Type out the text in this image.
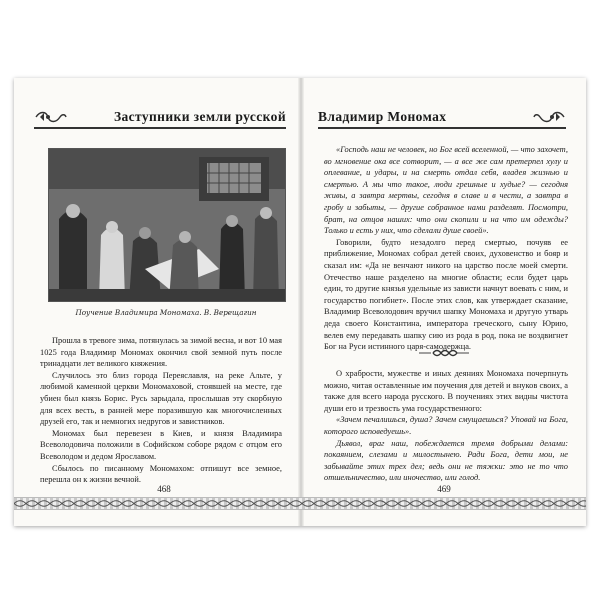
Заступники земли русской
Поучение Владимира Мономаха. В. Верещагин

Прошла в тревоге зима, потянулась за зимой весна, и вот 10 мая 1025 года Владимир Мономах окончил свой земной путь после тринадцати лет великого княжения.

Случилось это близ города Переяславля, на реке Альте, у любимой каменной церкви Мономаховой, стоявшей на месте, где убиен был князь Борис. Русь зарыдала, прослышав эту скорбную для всех весть, в ранней мере поразившую как многочисленных друзей его, так и немногих недругов и завистников.

Мономах был перевезен в Киев, и князя Владимира Всеволодовича положили в Софийском соборе рядом с отцом его Всеволодом и дедом Ярославом.

Сбылось по писанному Мономахом: отпишут все земное, перешла он к жизни вечной.

468
Владимир Мономах

«Господь наш не человек, но Бог всей вселенной, — что захочет, во мгновение ока все сотворит, — а все же сам претерпел хулу и оплевание, и удары, и на смерть отдал себя, владея жизнью и смертью. А мы что такое, люди грешные и худые? — сегодня живы, а завтра мертвы, сегодня в славе и в чести, а завтра в гробу и забыты, — другие собранное нами разделят. Посмотри, брат, на отцов наших: что они скопили и на что им одежды? Только и есть у них, что сделали душе своей».

Говорили, будто незадолго перед смертью, почуяв ее приближение, Мономах собрал детей своих, духовенство и бояр и сказал им: «Да не венчают никого на царство после моей смерти. Отечество наше разделено на многие области; если будет царь един, то другие князья удельные из зависти начнут воевать с ним, и государство погибнет». После этих слов, как утверждает сказание, Владимир Всеволодович вручил шапку Мономаха и другую утварь деда своего Константина, императора греческого, сыну Юрию, велев ему передавать шапку сию из рода в род, пока не воздвигнет Бог на Руси истинного царя-самодержца.

О храбрости, мужестве и иных деяниях Мономаха почерпнуть можно, читая оставленные им поучения для детей и внуков своих, а также для всего народа русского. В поучениях этих видны чистота души его и трезвость ума государственного:

«Зачем печалишься, душа? Зачем смущаешься? Уповай на Бога, которого исповедуешь».

Дьявол, враг наш, побеждается тремя добрыми делами: покаянием, слезами и милостынею. Ради Бога, дети мои, не забывайте этих трех дел; ведь они не тяжки: это не то что отшельничество, или иночество, или голод.

469
